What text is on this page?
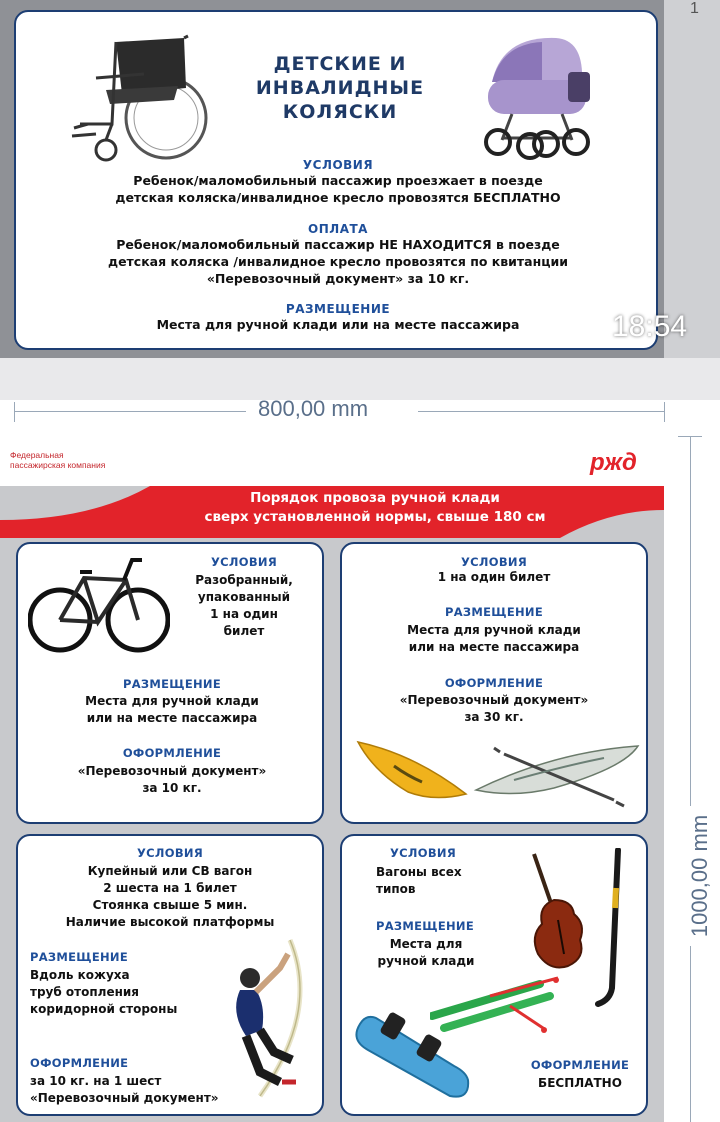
1
ДЕТСКИЕ И
ИНВАЛИДНЫЕ
КОЛЯСКИ
УСЛОВИЯ
Ребенок/маломобильный пассажир проезжает в поезде
детская коляска/инвалидное кресло провозятся БЕСПЛАТНО
ОПЛАТА
Ребенок/маломобильный пассажир НЕ НАХОДИТСЯ в поезде
детская коляска /инвалидное кресло провозятся по квитанции
«Перевозочный документ» за 10 кг.
РАЗМЕЩЕНИЕ
Места для ручной клади или на месте пассажира	18:54
800,00 mm
1000,00 mm
Федеральная
пассажирская компания	ржд
Порядок провоза ручной клади
сверх установленной нормы, свыше 180 см
УСЛОВИЯ
Разобранный,
упакованный
1 на один
билет
РАЗМЕЩЕНИЕ
Места для ручной клади
или на месте пассажира
ОФОРМЛЕНИЕ
«Перевозочный документ»
за 10 кг.
УСЛОВИЯ
1 на один билет
РАЗМЕЩЕНИЕ
Места для ручной клади
или на месте пассажира
ОФОРМЛЕНИЕ
«Перевозочный документ»
за 30 кг.
УСЛОВИЯ
Купейный или СВ вагон
2 шеста на 1 билет
Стоянка свыше 5 мин.
Наличие высокой платформы
РАЗМЕЩЕНИЕ
Вдоль кожуха
труб отопления
коридорной стороны
ОФОРМЛЕНИЕ
за 10 кг. на 1 шест
«Перевозочный документ»
УСЛОВИЯ
Вагоны всех
типов
РАЗМЕЩЕНИЕ
Места для
ручной клади
ОФОРМЛЕНИЕ
БЕСПЛАТНО
